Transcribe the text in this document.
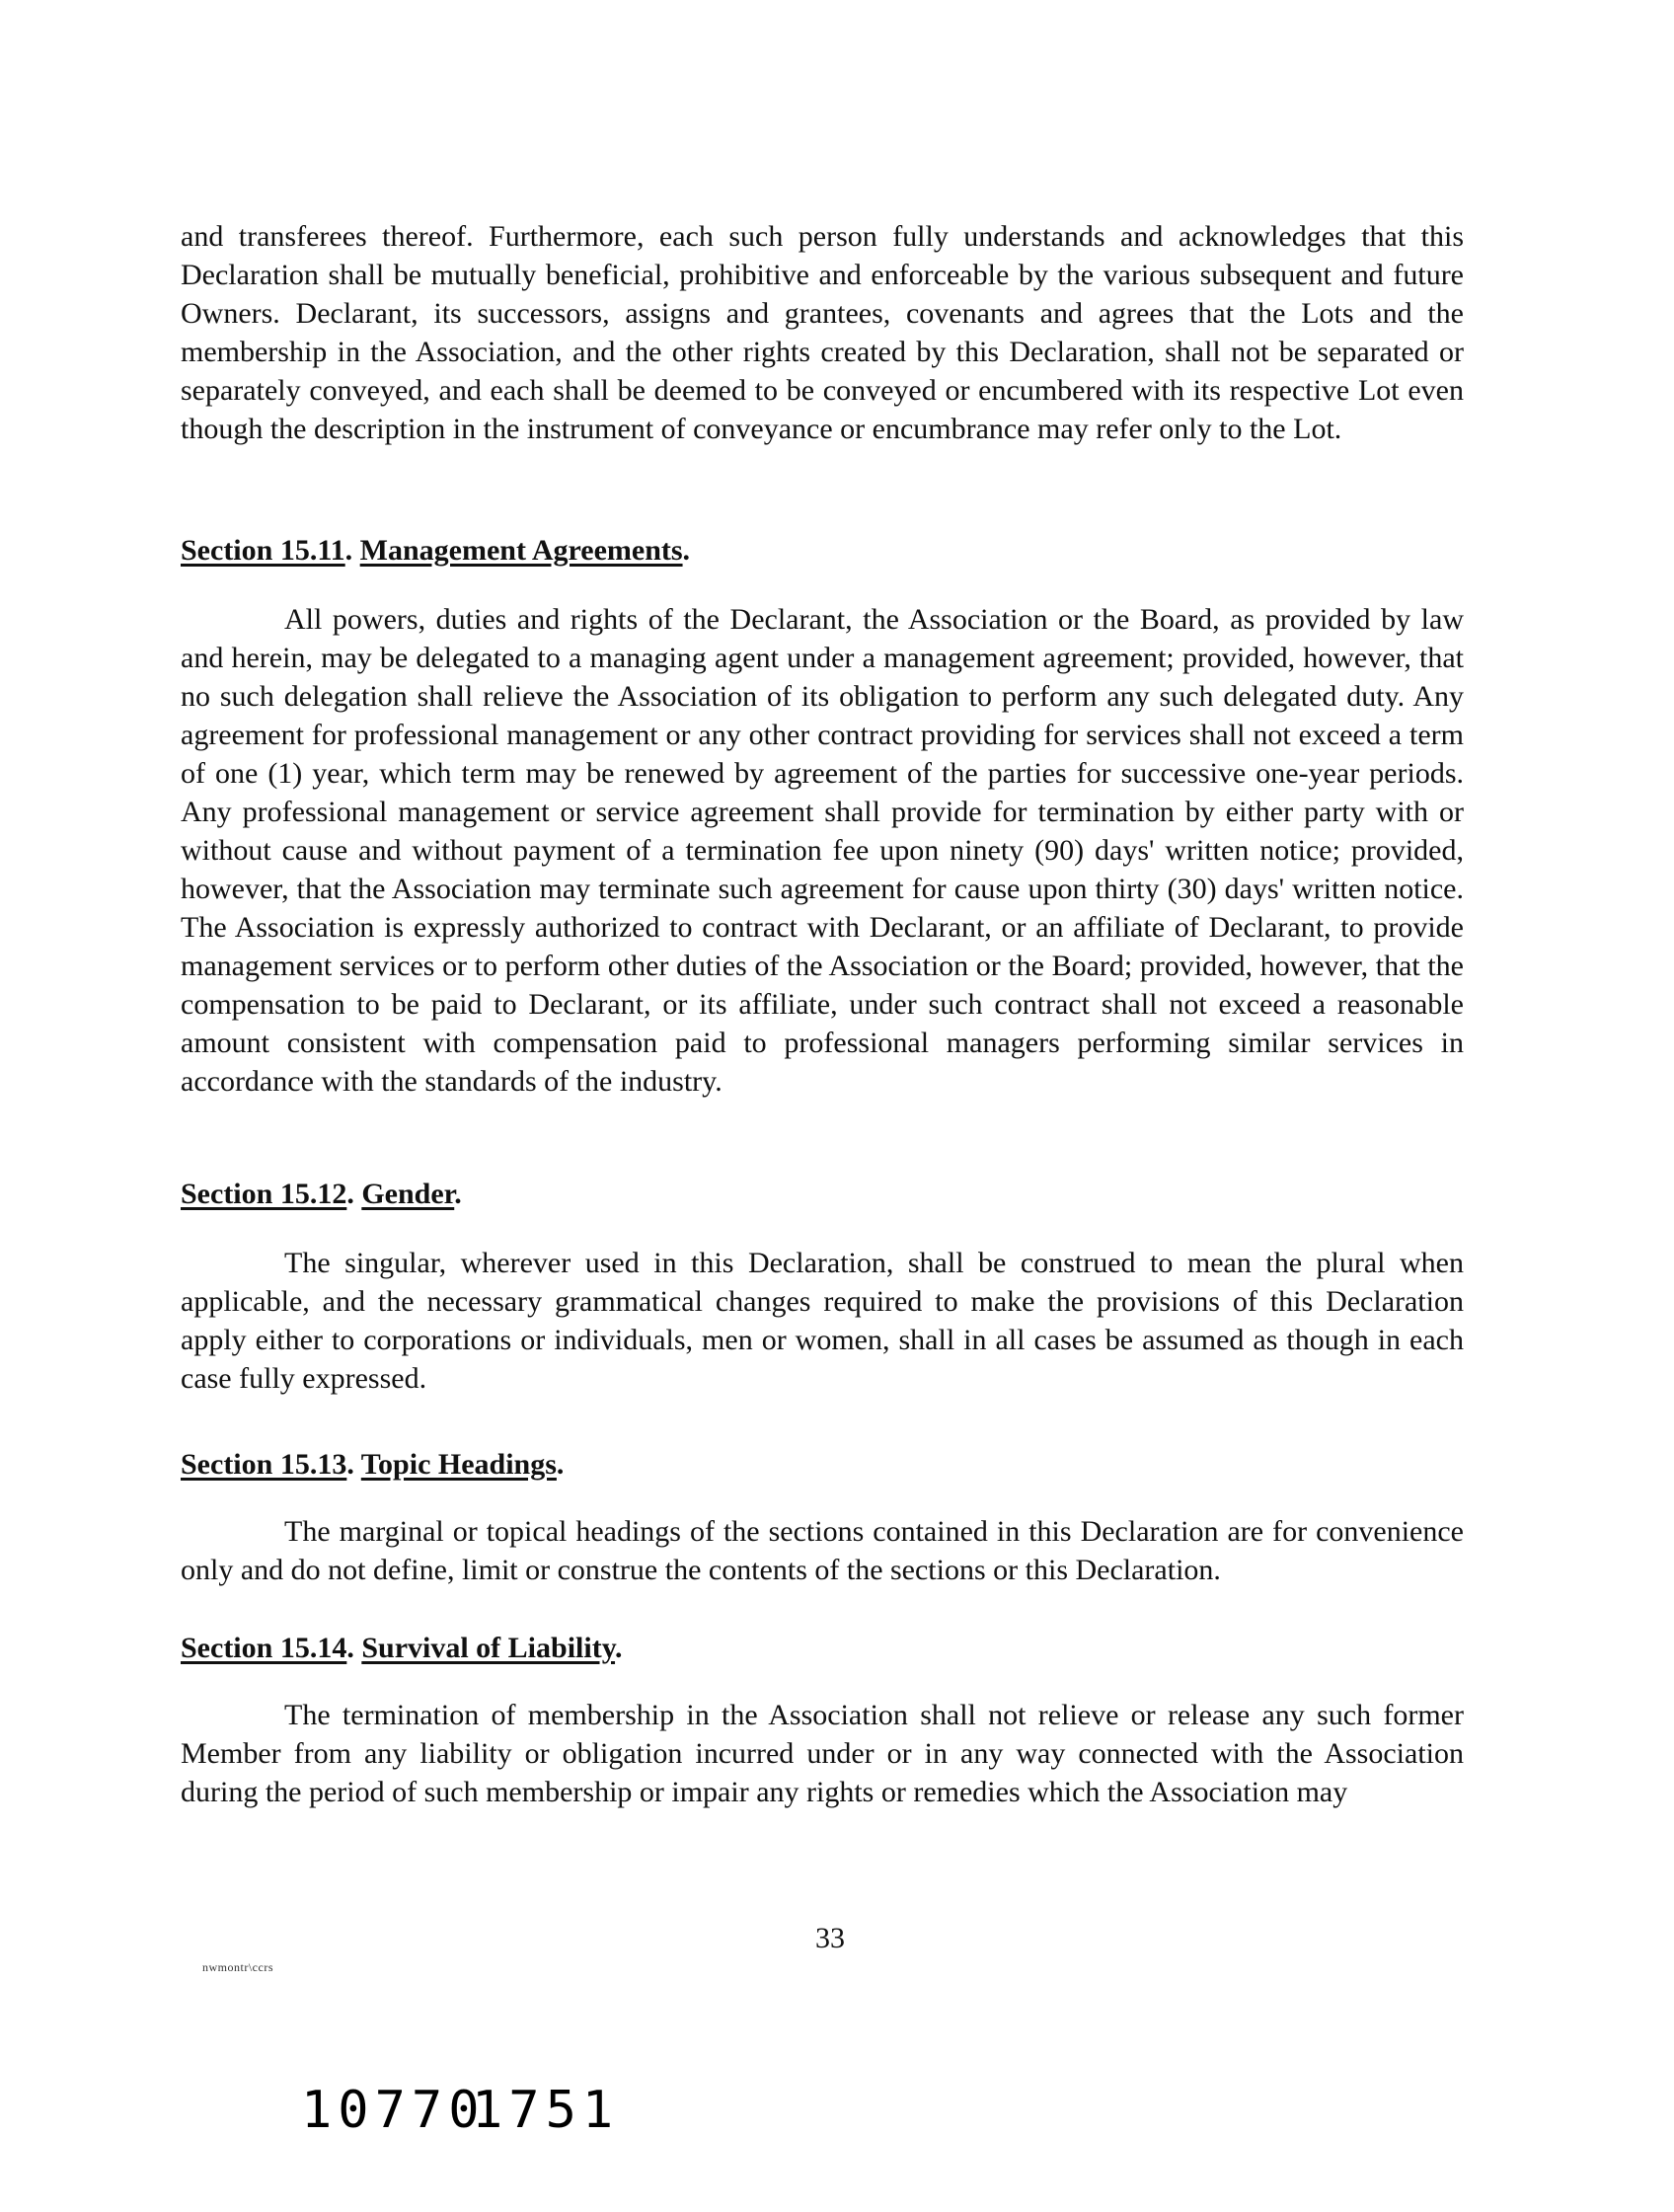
and transferees thereof. Furthermore, each such person fully understands and acknowledges that this Declaration shall be mutually beneficial, prohibitive and enforceable by the various subsequent and future Owners. Declarant, its successors, assigns and grantees, covenants and agrees that the Lots and the membership in the Association, and the other rights created by this Declaration, shall not be separated or separately conveyed, and each shall be deemed to be conveyed or encumbered with its respective Lot even though the description in the instrument of conveyance or encumbrance may refer only to the Lot.

Section 15.11. Management Agreements.

All powers, duties and rights of the Declarant, the Association or the Board, as provided by law and herein, may be delegated to a managing agent under a management agreement; provided, however, that no such delegation shall relieve the Association of its obligation to perform any such delegated duty. Any agreement for professional management or any other contract providing for services shall not exceed a term of one (1) year, which term may be renewed by agreement of the parties for successive one-year periods. Any professional management or service agreement shall provide for termination by either party with or without cause and without payment of a termination fee upon ninety (90) days' written notice; provided, however, that the Association may terminate such agreement for cause upon thirty (30) days' written notice. The Association is expressly authorized to contract with Declarant, or an affiliate of Declarant, to provide management services or to perform other duties of the Association or the Board; provided, however, that the compensation to be paid to Declarant, or its affiliate, under such contract shall not exceed a reasonable amount consistent with compensation paid to professional managers performing similar services in accordance with the standards of the industry.

Section 15.12. Gender.

The singular, wherever used in this Declaration, shall be construed to mean the plural when applicable, and the necessary grammatical changes required to make the provisions of this Declaration apply either to corporations or individuals, men or women, shall in all cases be assumed as though in each case fully expressed.

Section 15.13. Topic Headings.

The marginal or topical headings of the sections contained in this Declaration are for convenience only and do not define, limit or construe the contents of the sections or this Declaration.

Section 15.14. Survival of Liability.

The termination of membership in the Association shall not relieve or release any such former Member from any liability or obligation incurred under or in any way connected with the Association during the period of such membership or impair any rights or remedies which the Association may

33
nwmontr\ccrs
10770
1751
